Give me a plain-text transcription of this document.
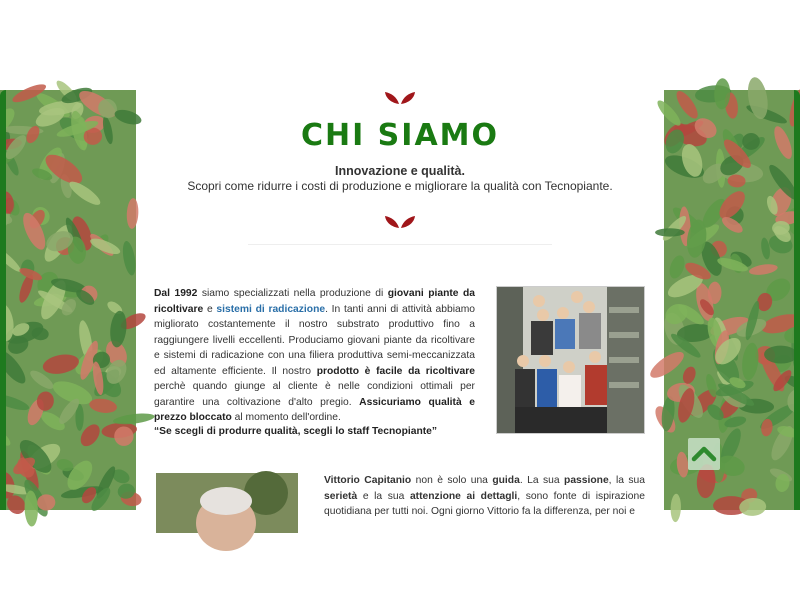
CHI SIAMO
Innovazione e qualità.
Scopri come ridurre i costi di produzione e migliorare la qualità con Tecnopiante.
Dal 1992 siamo specializzati nella produzione di giovani piante da ricoltivare e sistemi di radicazione. In tanti anni di attività abbiamo migliorato costantemente il nostro substrato produttivo fino a raggiungere livelli eccellenti. Produciamo giovani piante da ricoltivare e sistemi di radicazione con una filiera produttiva semi-meccanizzata ed altamente efficiente. Il nostro prodotto è facile da ricoltivare perchè quando giunge al cliente è nelle condizioni ottimali per garantire una coltivazione d'alto pregio. Assicuriamo qualità e prezzo bloccato al momento dell'ordine.
“Se scegli di produrre qualità, scegli lo staff Tecnopiante”
Vittorio Capitanio non è solo una guida. La sua passione, la sua serietà e la sua attenzione ai dettagli, sono fonte di ispirazione quotidiana per tutti noi. Ogni giorno Vittorio fa la differenza, per noi e
